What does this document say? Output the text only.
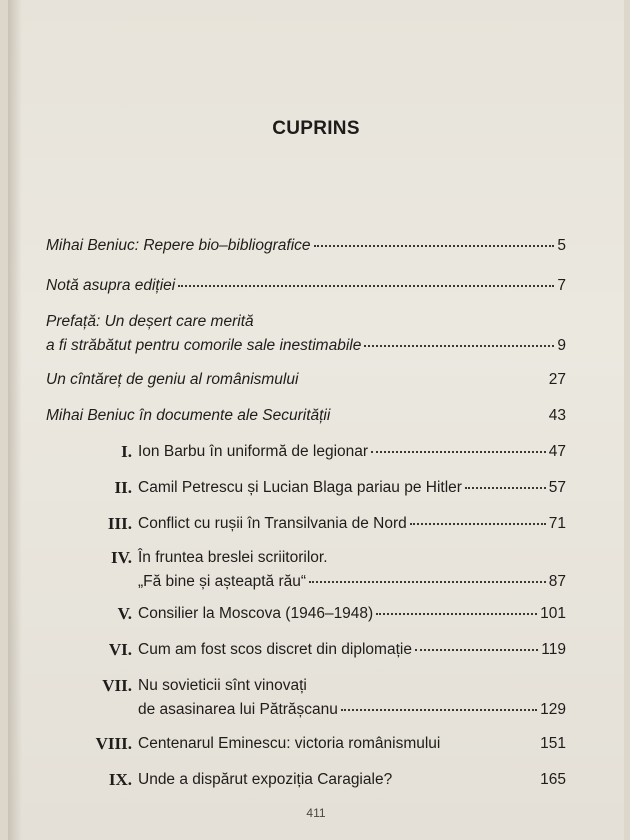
CUPRINS
Mihai Beniuc: Repere bio–bibliografice	5
Notă asupra ediției	7
Prefață: Un deșert care merită
a fi străbătut pentru comorile sale inestimabile	9
Un cîntăreț de geniu al românismului	27
Mihai Beniuc în documente ale Securității	43
I. Ion Barbu în uniformă de legionar	47
II. Camil Petrescu și Lucian Blaga pariau pe Hitler	57
III. Conflict cu rușii în Transilvania de Nord	71
IV. În fruntea breslei scriitorilor.
„Fă bine și așteaptă rău“	87
V. Consilier la Moscova (1946–1948)	101
VI. Cum am fost scos discret din diplomație	119
VII. Nu sovieticii sînt vinovați
de asasinarea lui Pătrășcanu	129
VIII. Centenarul Eminescu: victoria românismului	151
IX. Unde a dispărut expoziția Caragiale?	165
411
